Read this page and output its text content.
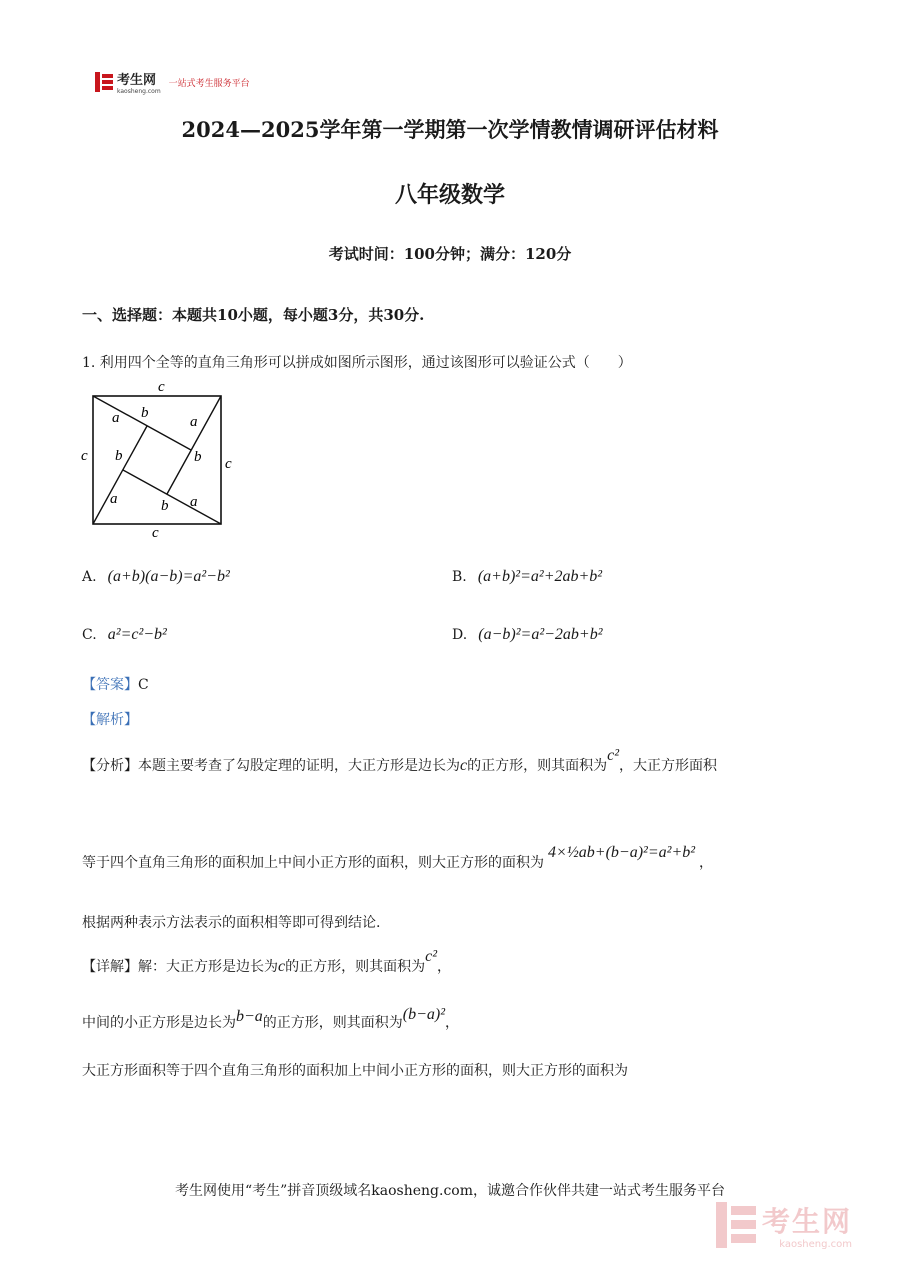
考生网
kaosheng.com
一站式考生服务平台
2024—2025学年第一学期第一次学情教情调研评估材料
八年级数学
考试时间：100分钟；满分：120分
一、选择题：本题共10小题，每小题3分，共30分.
1. 利用四个全等的直角三角形可以拼成如图所示图形，通过该图形可以验证公式（　　）
c
c	c
c
a b
a
b
b
a	b a
A. (a+b)(a−b)=a²−b²	B. (a+b)²=a²+2ab+b²
C. a²=c²−b²	D. (a−b)²=a²−2ab+b²
【答案】C
【解析】
【分析】本题主要考查了勾股定理的证明，大正方形是边长为c的正方形，则其面积为c²，大正方形面积
等于四个直角三角形的面积加上中间小正方形的面积，则大正方形的面积为4×½ab+(b−a)²=a²+b²，
根据两种表示方法表示的面积相等即可得到结论.
【详解】解：大正方形是边长为c的正方形，则其面积为c²，
中间的小正方形是边长为b−a的正方形，则其面积为(b−a)²，
大正方形面积等于四个直角三角形的面积加上中间小正方形的面积，则大正方形的面积为
考生网使用“考生”拼音顶级域名kaosheng.com，诚邀合作伙伴共建一站式考生服务平台
考生网
kaosheng.com
